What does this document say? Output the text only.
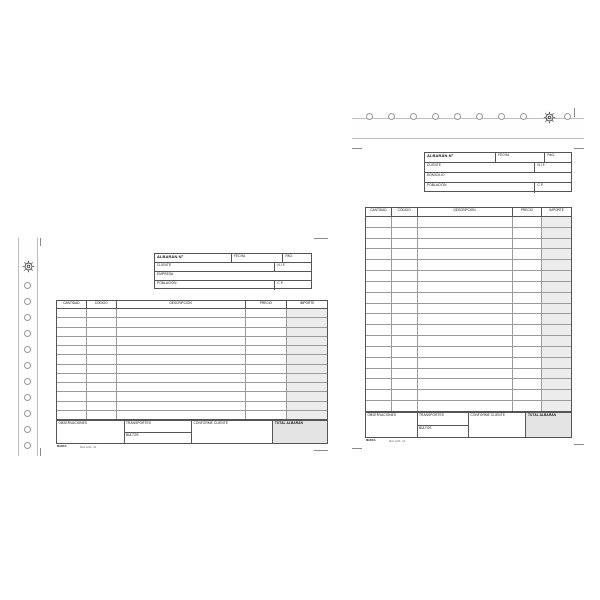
ALBARÁN Nº	FECHA	PAG.
CLIENTE	N.I.F.
EMPRESA
POBLACIÓN	C.P.
CANTIDAD	CÓDIGO	DESCRIPCIÓN	PRECIO	IMPORTE
OBSERVACIONES	TRANSPORTES
BULTOS
CONFORME CLIENTE	TOTAL ALBARÁN
MARCA	Mod. 1234 - A4
ALBARÁN Nº	FECHA	PAG.
CLIENTE	N.I.F.
DOMICILIO
POBLACIÓN	C.P.
CANTIDAD	CÓDIGO	DESCRIPCIÓN	PRECIO	IMPORTE
OBSERVACIONES	TRANSPORTES
BULTOS
CONFORME CLIENTE	TOTAL ALBARÁN
MARCA	Mod. 1234 - A4
